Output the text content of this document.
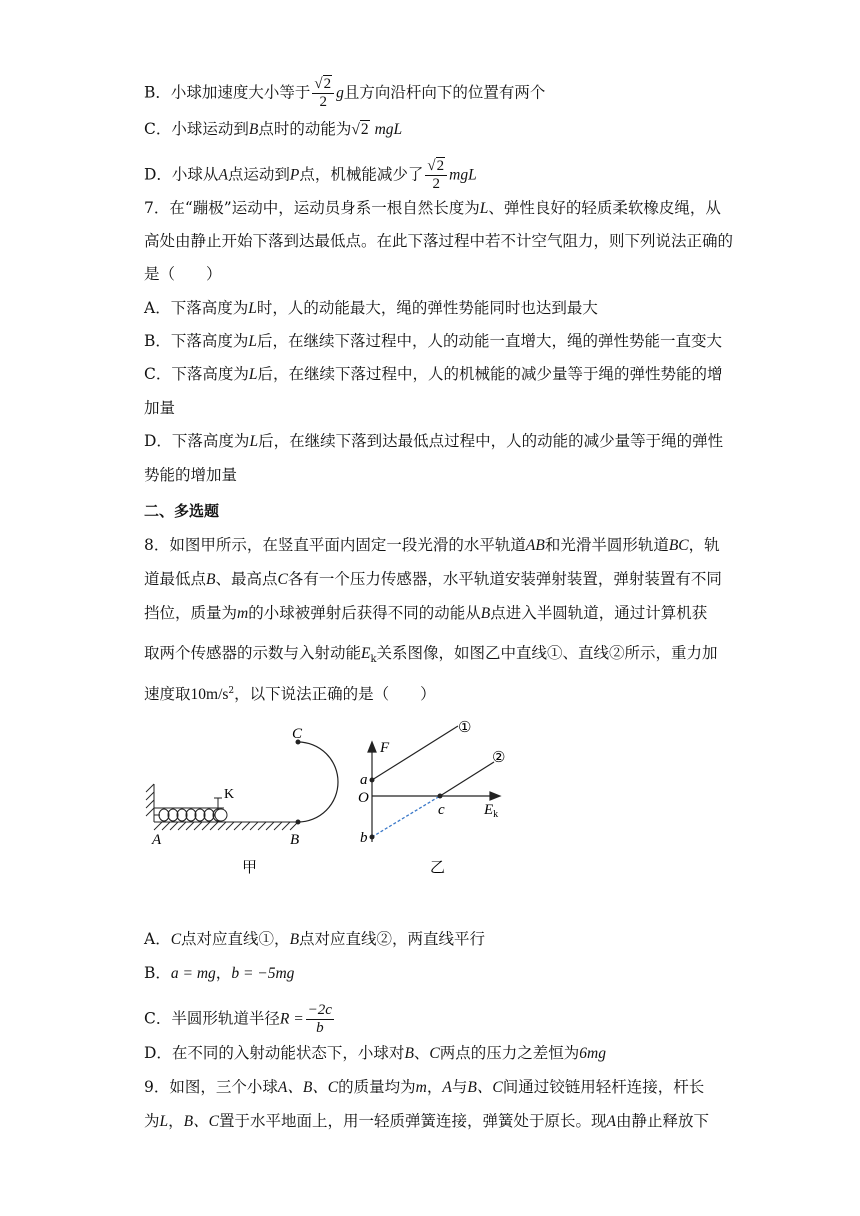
B．小球加速度大小等于 $\frac{√2}{2}$ g且方向沿杆向下的位置有两个
C．小球运动到B点时的动能为√2 mgL
D．小球从A点运动到P点，机械能减少了 $\frac{√2}{2}$ mgL
7．在“蹦极”运动中，运动员身系一根自然长度为L、弹性良好的轻质柔软橡皮绳，从
高处由静止开始下落到达最低点。在此下落过程中若不计空气阻力，则下列说法正确的
是（　　）
A．下落高度为L时，人的动能最大，绳的弹性势能同时也达到最大
B．下落高度为L后，在继续下落过程中，人的动能一直增大，绳的弹性势能一直变大
C．下落高度为L后，在继续下落过程中，人的机械能的减少量等于绳的弹性势能的增
加量
D．下落高度为L后，在继续下落到达最低点过程中，人的动能的减少量等于绳的弹性
势能的增加量
二、多选题
8．如图甲所示，在竖直平面内固定一段光滑的水平轨道AB和光滑半圆形轨道BC，轨
道最低点B、最高点C各有一个压力传感器，水平轨道安装弹射装置，弹射装置有不同
挡位，质量为m的小球被弹射后获得不同的动能从B点进入半圆轨道，通过计算机获
取两个传感器的示数与入射动能$E_k$关系图像，如图乙中直线①、直线②所示，重力加
速度取$10m/s^2$，以下说法正确的是（　　）
K
A	B
C
甲
F
$E_k$
O
a
b
c
①
②
乙
A．C点对应直线①，B点对应直线②，两直线平行
B．a = mg，b = −5mg
C．半圆形轨道半径$R = \frac{-2c}{b}$
D．在不同的入射动能状态下，小球对B、C两点的压力之差恒为6mg
9．如图，三个小球A、B、C的质量均为m，A与B、C间通过铰链用轻杆连接，杆长
为L，B、C置于水平地面上，用一轻质弹簧连接，弹簧处于原长。现A由静止释放下
